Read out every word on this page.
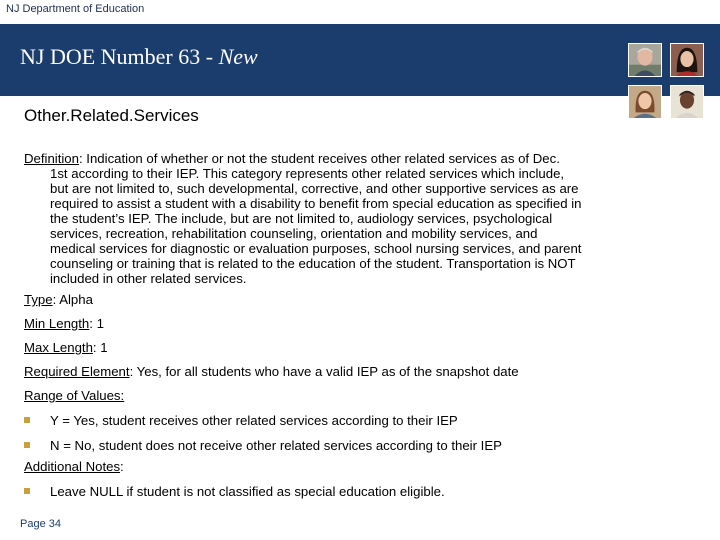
NJ Department of Education
NJ DOE Number 63 - New
Other.Related.Services
Definition: Indication of whether or not the student receives other related services as of Dec.
1st according to their IEP. This category represents other related services which include,
but are not limited to, such developmental, corrective, and other supportive services as are
required to assist a student with a disability to benefit from special education as specified in
the student’s IEP. The include, but are not limited to, audiology services, psychological
services, recreation, rehabilitation counseling, orientation and mobility services, and
medical services for diagnostic or evaluation purposes, school nursing services, and parent
counseling or training that is related to the education of the student. Transportation is NOT
included in other related services.
Type: Alpha
Min Length: 1
Max Length: 1
Required Element: Yes, for all students who have a valid IEP as of the snapshot date
Range of Values:
Y = Yes, student receives other related services according to their IEP
N = No, student does not receive other related services according to their IEP
Additional Notes:
Leave NULL if student is not classified as special education eligible.
Page 34
